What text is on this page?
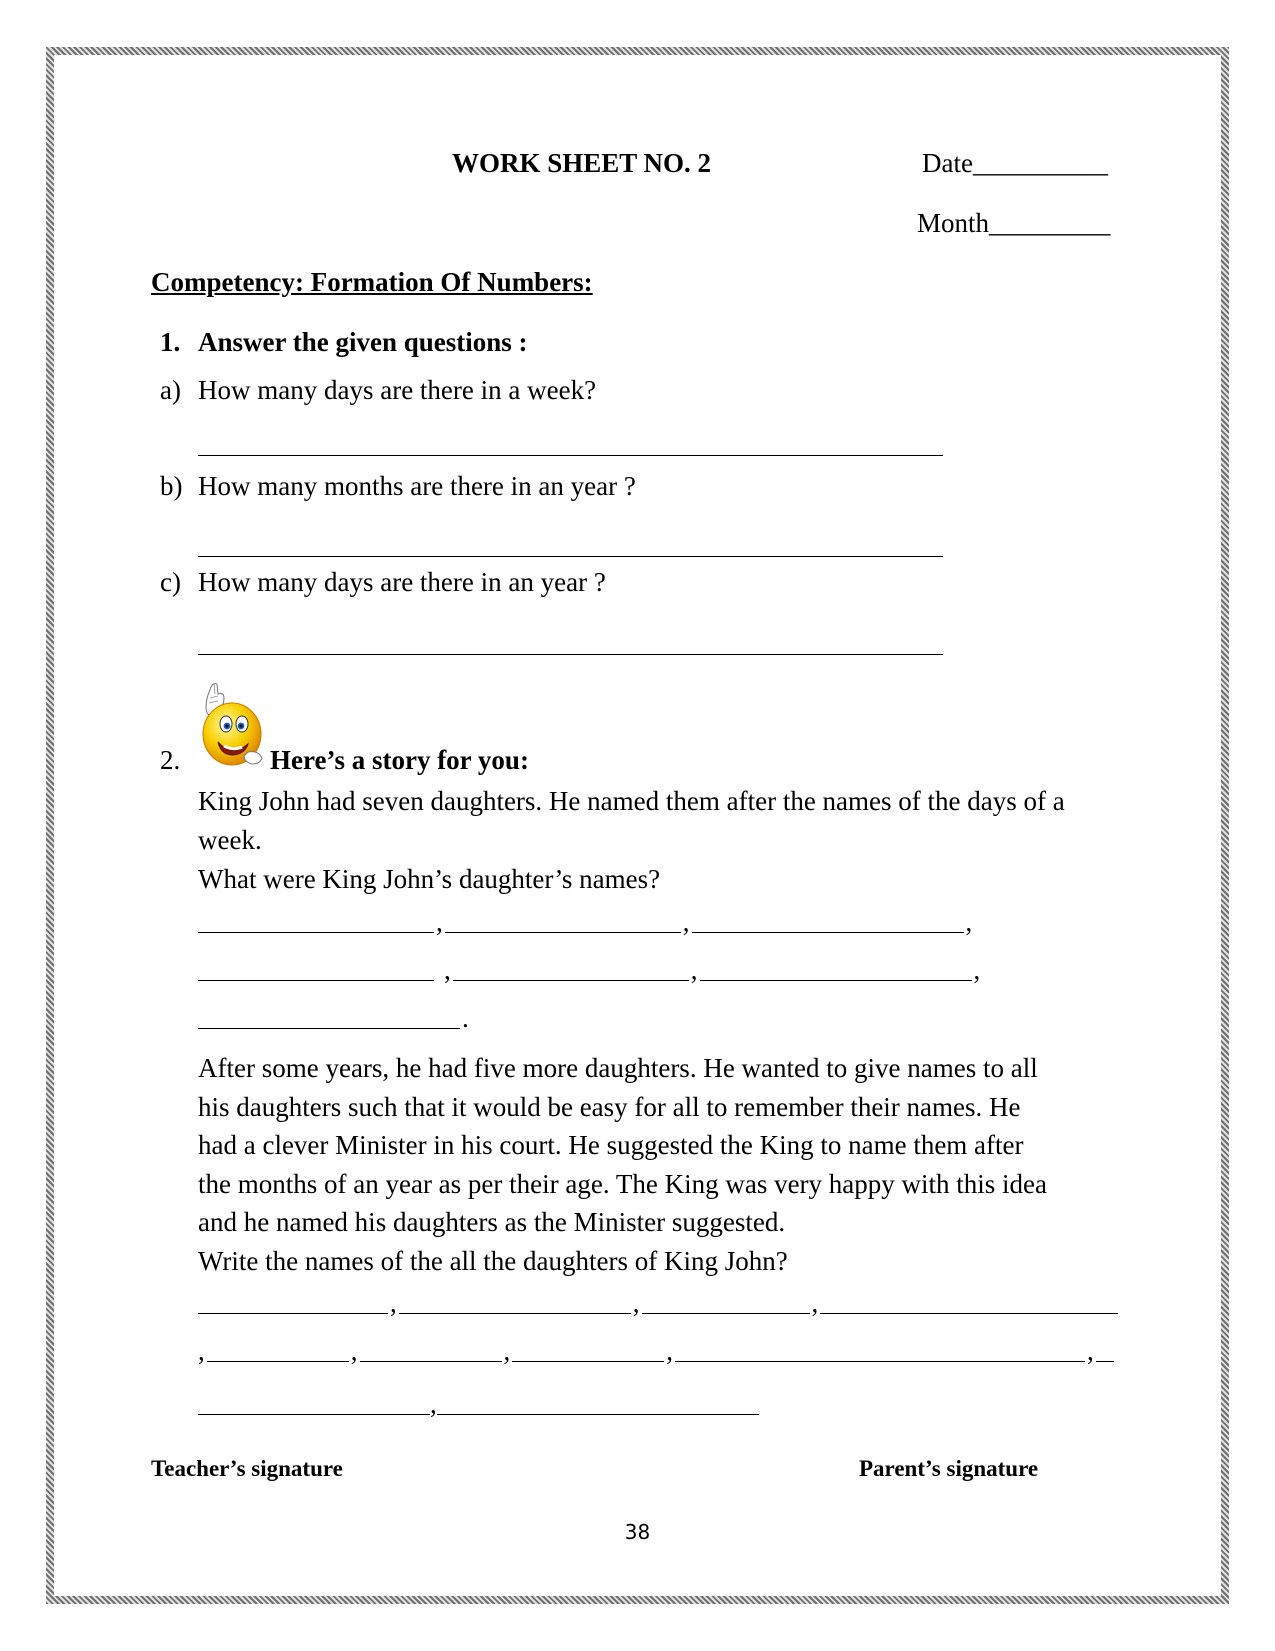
WORK SHEET NO. 2	Date__________
Month_________
Competency: Formation Of Numbers:
1. Answer the given questions :
a) How many days are there in a week?
b) How many months are there in an year ?
c) How many days are there in an year ?
2.	Here’s a story for you:
King John had seven daughters. He named them after the names of the days of a week.
What were King John’s daughter’s names?
,	,	,
,	,	,
.
After some years, he had five more daughters. He wanted to give names to all
his daughters such that it would be easy for all to remember their names. He
had a clever Minister in his court. He suggested the King to name them after
the months of an year as per their age. The King was very happy with this idea
and he named his daughters as the Minister suggested.
Write the names of the all the daughters of King John?
,	,	,
,	,	,	,	,
,
Teacher’s signature	Parent’s signature
38
